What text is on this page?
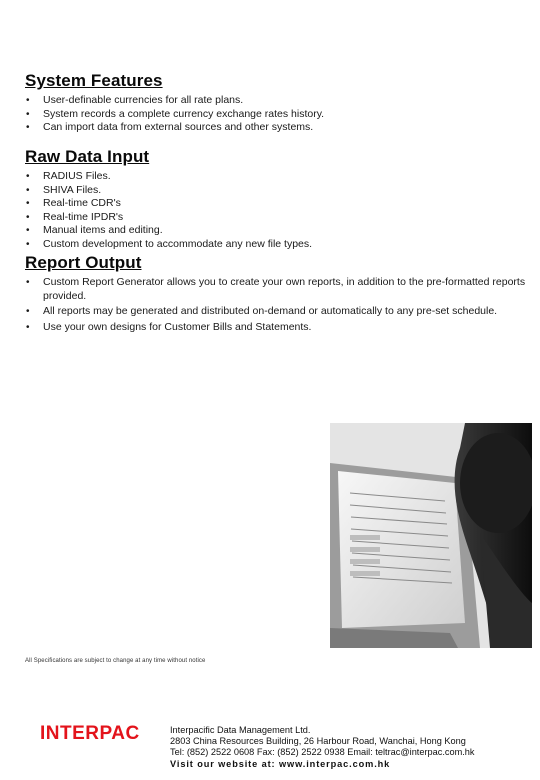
System Features
• User-definable currencies for all rate plans.
• System records a complete currency exchange rates history.
• Can import data from external sources and other systems.
Raw Data Input
• RADIUS Files.
• SHIVA Files.
• Real-time CDR's
• Real-time IPDR's
• Manual items and editing.
• Custom development to accommodate any new file types.
Report Output
• Custom Report Generator allows you to create your own reports, in addition to the pre-formatted reports provided.
• All reports may be generated and distributed on-demand or automatically to any pre-set schedule.
• Use your own designs for Customer Bills and Statements.
All Specifications are subject to change at any time without notice
INTERPAC	Interpacific Data Management Ltd.
2803 China Resources Building, 26 Harbour Road, Wanchai, Hong Kong
Tel: (852) 2522 0608 Fax: (852) 2522 0938 Email: teltrac@interpac.com.hk
Visit our website at: www.interpac.com.hk
